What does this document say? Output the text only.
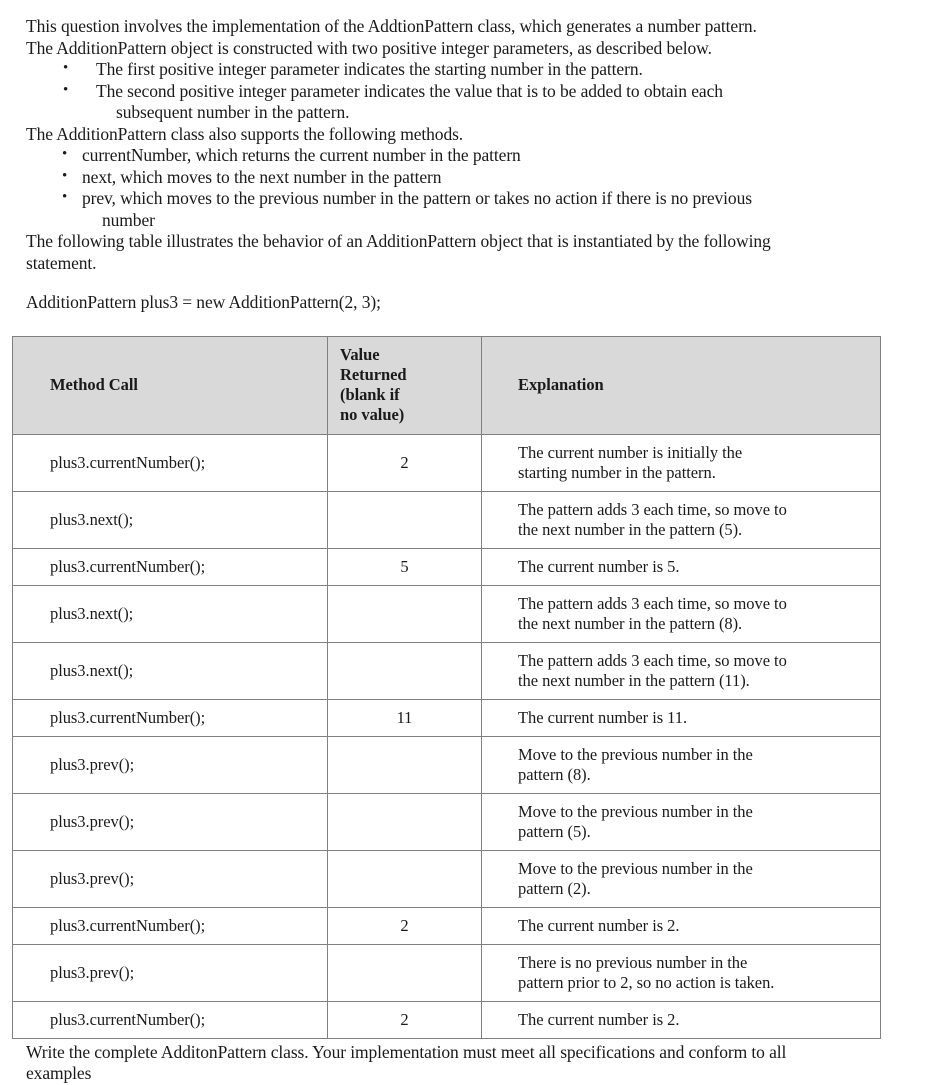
This question involves the implementation of the AddtionPattern class, which generates a number pattern.

The AdditionPattern object is constructed with two positive integer parameters, as described below.

• The first positive integer parameter indicates the starting number in the pattern.
• The second positive integer parameter indicates the value that is to be added to obtain each
subsequent number in the pattern.

The AdditionPattern class also supports the following methods.

• currentNumber, which returns the current number in the pattern
• next, which moves to the next number in the pattern
• prev, which moves to the previous number in the pattern or takes no action if there is no previous
number

The following table illustrates the behavior of an AdditionPattern object that is instantiated by the following

statement.

AdditionPattern plus3 = new AdditionPattern(2, 3);

Method Call	Value
Returned
(blank if
no value)	Explanation
plus3.currentNumber();	2	The current number is initially the
starting number in the pattern.

plus3.next();		The pattern adds 3 each time, so move to
the next number in the pattern (5).

plus3.currentNumber();	5	The current number is 5.

plus3.next();		The pattern adds 3 each time, so move to
the next number in the pattern (8).

plus3.next();		The pattern adds 3 each time, so move to
the next number in the pattern (11).

plus3.currentNumber();	11	The current number is 11.

plus3.prev();		Move to the previous number in the
pattern (8).

plus3.prev();		Move to the previous number in the
pattern (5).

plus3.prev();		Move to the previous number in the
pattern (2).

plus3.currentNumber();	2	The current number is 2.

plus3.prev();		There is no previous number in the
pattern prior to 2, so no action is taken.

plus3.currentNumber();	2	The current number is 2.

Write the complete AdditonPattern class. Your implementation must meet all specifications and conform to all

examples
